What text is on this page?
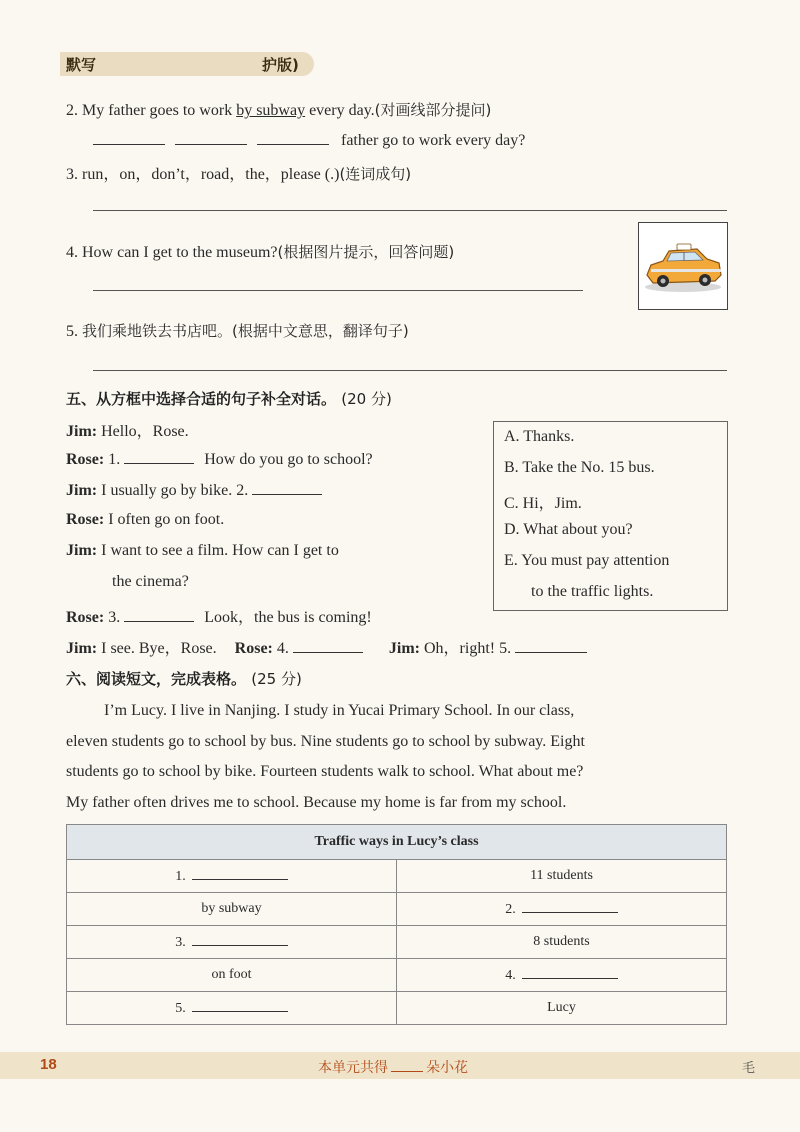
默写	护版)
2. My father goes to work by subway every day.(对画线部分提问)
father go to work every day?
3. run，on，don’t，road，the，please (.)(连词成句)
4. How can I get to the museum?(根据图片提示，回答问题)
5. 我们乘地铁去书店吧。(根据中文意思，翻译句子)
五、从方框中选择合适的句子补全对话。 (20 分)
Jim: Hello，Rose.
Rose: 1.	How do you go to school?
Jim: I usually go by bike. 2.
Rose: I often go on foot.
Jim: I want to see a film. How can I get to
the cinema?
Rose: 3.	Look，the bus is coming!
Jim: I see. Bye，Rose. Rose: 4.	Jim: Oh，right! 5.
A. Thanks.
B. Take the No. 15 bus.
C. Hi，Jim.
D. What about you?
E. You must pay attention
to the traffic lights.
六、阅读短文，完成表格。 (25 分)
I’m Lucy. I live in Nanjing. I study in Yucai Primary School. In our class,
eleven students go to school by bus. Nine students go to school by subway. Eight
students go to school by bike. Fourteen students walk to school. What about me?
My father often drives me to school. Because my home is far from my school.
Traffic ways in Lucy’s class	
1.	11 students
by subway	2.
3.	8 students
on foot	4.
5.	Lucy
18	本单元共得	朵小花	毛
